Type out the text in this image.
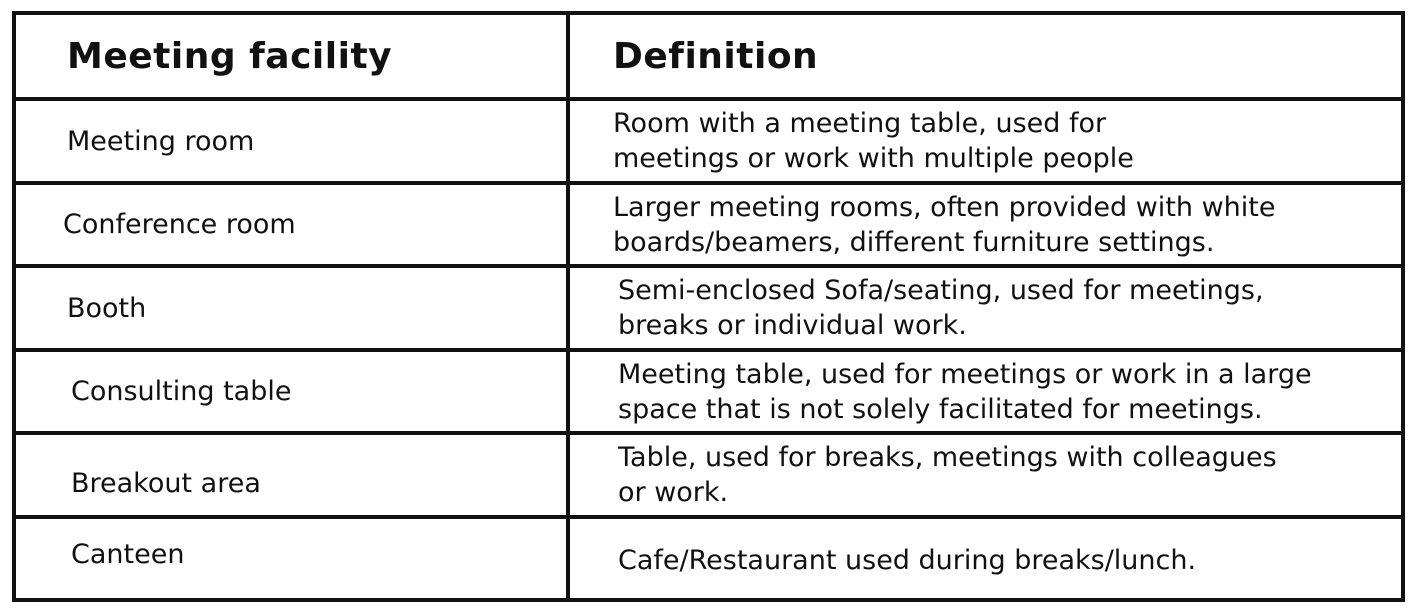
Meeting facility	Definition
Meeting room
Room with a meeting table, used for
meetings or work with multiple people
Conference room
Larger meeting rooms, often provided with white
boards/beamers, different furniture settings.
Booth
Semi-enclosed Sofa/seating, used for meetings,
breaks or individual work.
Consulting table
Meeting table, used for meetings or work in a large
space that is not solely facilitated for meetings.
Breakout area
Table, used for breaks, meetings with colleagues
or work.
Canteen	Cafe/Restaurant used during breaks/lunch.
